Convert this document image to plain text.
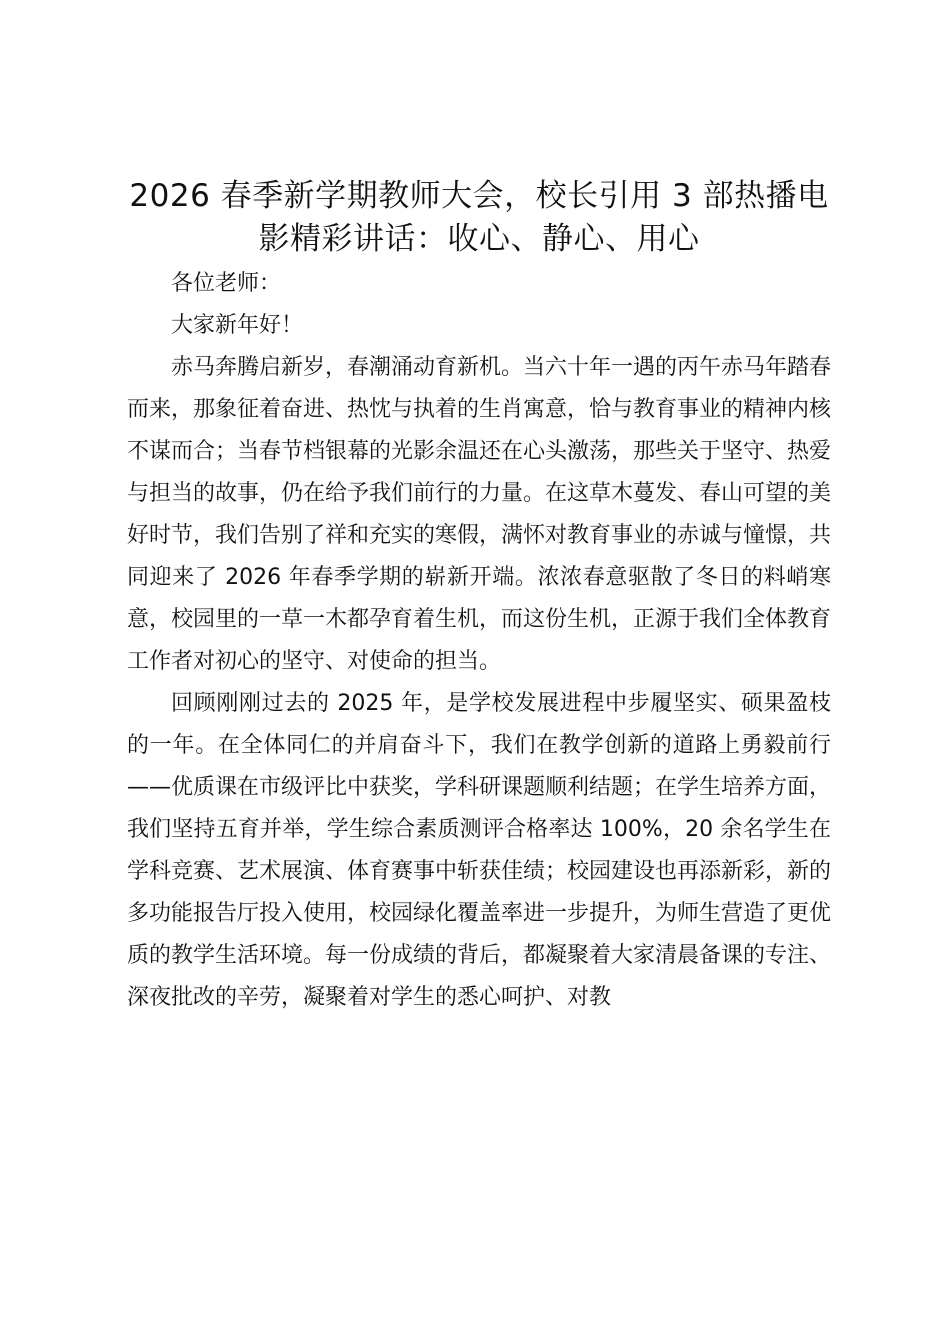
2026 春季新学期教师大会，校长引用 3 部热播电影精彩讲话：收心、静心、用心

各位老师：

大家新年好！

赤马奔腾启新岁，春潮涌动育新机。当六十年一遇的丙午赤马年踏春而来，那象征着奋进、热忱与执着的生肖寓意，恰与教育事业的精神内核不谋而合；当春节档银幕的光影余温还在心头激荡，那些关于坚守、热爱与担当的故事，仍在给予我们前行的力量。在这草木蔓发、春山可望的美好时节，我们告别了祥和充实的寒假，满怀对教育事业的赤诚与憧憬，共同迎来了 2026 年春季学期的崭新开端。浓浓春意驱散了冬日的料峭寒意，校园里的一草一木都孕育着生机，而这份生机，正源于我们全体教育工作者对初心的坚守、对使命的担当。

回顾刚刚过去的 2025 年，是学校发展进程中步履坚实、硕果盈枝的一年。在全体同仁的并肩奋斗下，我们在教学创新的道路上勇毅前行——优质课在市级评比中获奖，学科研课题顺利结题；在学生培养方面，我们坚持五育并举，学生综合素质测评合格率达 100%，20 余名学生在学科竞赛、艺术展演、体育赛事中斩获佳绩；校园建设也再添新彩，新的多功能报告厅投入使用，校园绿化覆盖率进一步提升，为师生营造了更优质的教学生活环境。每一份成绩的背后，都凝聚着大家清晨备课的专注、深夜批改的辛劳，凝聚着对学生的悉心呵护、对教
